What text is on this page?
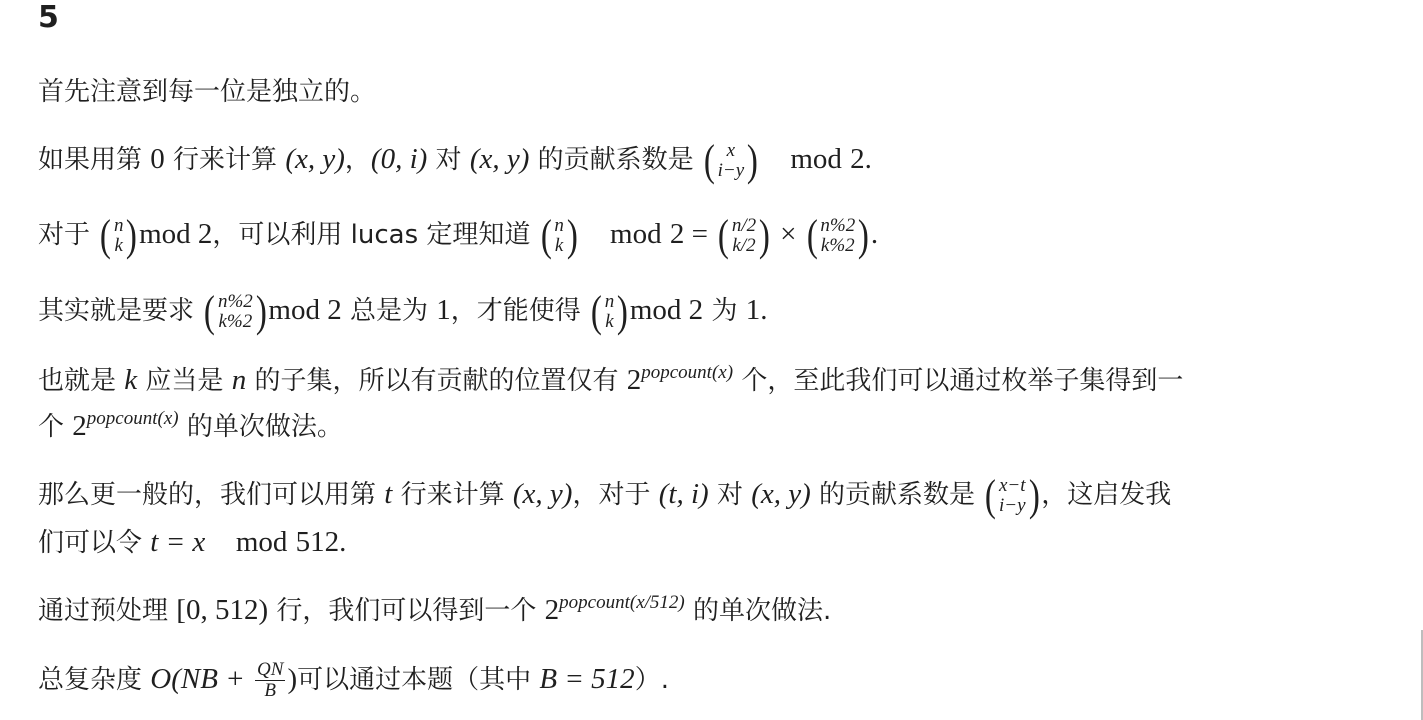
5
首先注意到每一位是独立的。
如果用第 0 行来计算 (x, y)，(0, i) 对 (x, y) 的贡献系数是 ( x
i−y ) mod 2.
对于 ( n
k ) mod 2，可以利用 lucas 定理知道 ( n
k ) mod 2 = ( n/2
k/2 ) × ( n%2
k%2 ) .
其实就是要求 ( n%2
k%2 ) mod 2 总是为 1，才能使得 ( n
k ) mod 2 为 1.
也就是 k 应当是 n 的子集，所以有贡献的位置仅有 $2^{popcount(x)}$ 个，至此我们可以通过枚举子集得到一
个 $2^{popcount(x)}$ 的单次做法。
那么更一般的，我们可以用第 t 行来计算 (x, y)，对于 (t, i) 对 (x, y) 的贡献系数是 ( x−t
i−y ) ，这启发我
们可以令 t = x mod 512.
通过预处理 [0, 512) 行，我们可以得到一个 $2^{popcount(x/512)}$ 的单次做法.
总复杂度 $O(NB + \frac{QN}{B}$ )可以通过本题（其中 B = 512）.
